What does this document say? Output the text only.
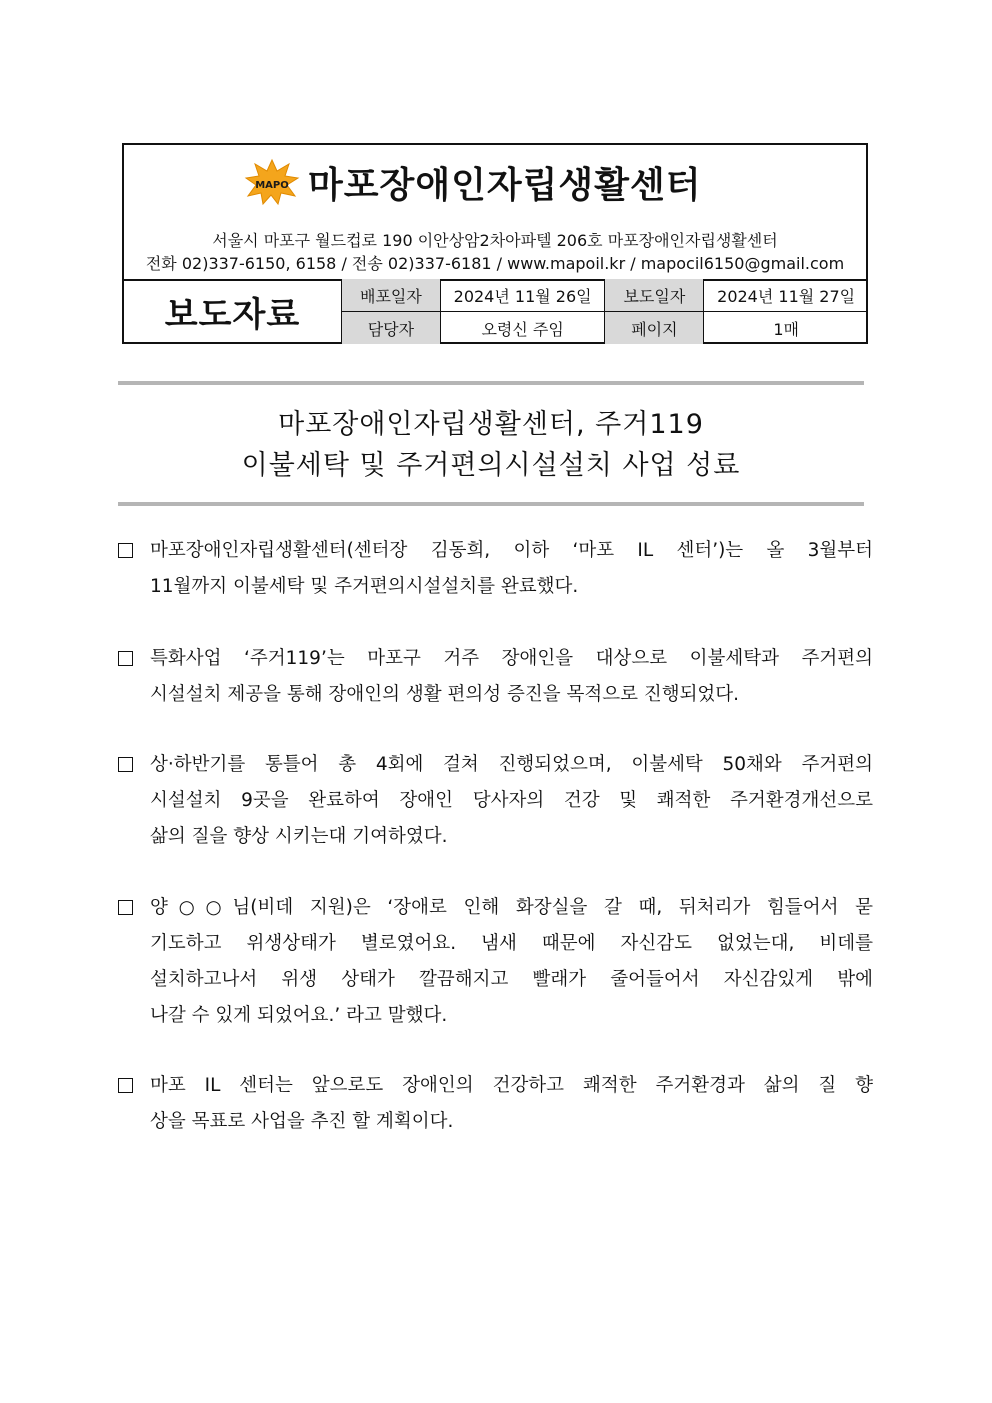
MAPO 마포장애인자립생활센터
서울시 마포구 월드컵로 190 이안상암2차아파텔 206호 마포장애인자립생활센터
전화 02)337-6150, 6158 / 전송 02)337-6181 / www.mapoil.kr / mapocil6150@gmail.com
보도자료	배포일자	2024년 11월 26일	보도일자	2024년 11월 27일
담당자	오령신 주임	페이지	1매
마포장애인자립생활센터, 주거119
이불세탁 및 주거편의시설설치 사업 성료
마포장애인자립생활센터(센터장 김동희, 이하 ‘마포 IL 센터’)는 올 3월부터
11월까지 이불세탁 및 주거편의시설설치를 완료했다.
특화사업 ‘주거119’는 마포구 거주 장애인을 대상으로 이불세탁과 주거편의
시설설치 제공을 통해 장애인의 생활 편의성 증진을 목적으로 진행되었다.
상·하반기를 통틀어 총 4회에 걸쳐 진행되었으며, 이불세탁 50채와 주거편의
시설설치 9곳을 완료하여 장애인 당사자의 건강 및 쾌적한 주거환경개선으로
삶의 질을 향상 시키는대 기여하였다.
양○○님(비데 지원)은 ‘장애로 인해 화장실을 갈 때, 뒤처리가 힘들어서 묻
기도하고 위생상태가 별로였어요. 냄새 때문에 자신감도 없었는대, 비데를
설치하고나서 위생 상태가 깔끔해지고 빨래가 줄어들어서 자신감있게 밖에
나갈 수 있게 되었어요.’ 라고 말했다.
마포 IL 센터는 앞으로도 장애인의 건강하고 쾌적한 주거환경과 삶의 질 향
상을 목표로 사업을 추진 할 계획이다.
